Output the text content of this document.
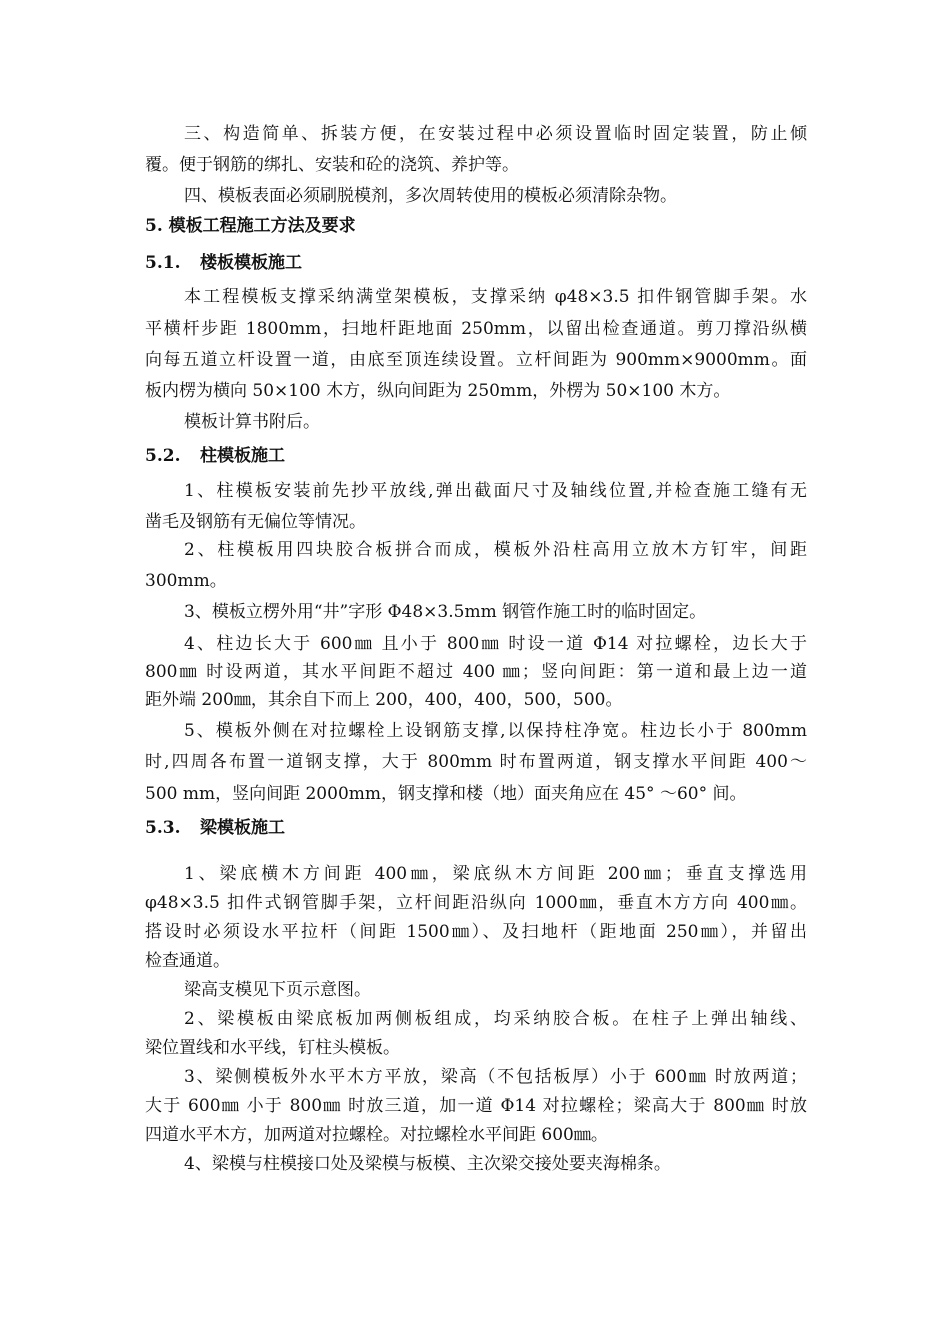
三、构造简单、拆装方便，在安装过程中必须设置临时固定装置，防止倾
覆。便于钢筋的绑扎、安装和砼的浇筑、养护等。
四、模板表面必须刷脱模剂，多次周转使用的模板必须清除杂物。
5. 模板工程施工方法及要求
5.1. 楼板模板施工
本工程模板支撑采纳满堂架模板，支撑采纳 φ48×3.5 扣件钢管脚手架。水
平横杆步距 1800mm，扫地杆距地面 250mm，以留出检查通道。剪刀撑沿纵横
向每五道立杆设置一道，由底至顶连续设置。立杆间距为 900mm×9000mm。面
板内楞为横向 50×100 木方，纵向间距为 250mm，外楞为 50×100 木方。
模板计算书附后。
5.2. 柱模板施工
1、柱模板安装前先抄平放线,弹出截面尺寸及轴线位置,并检查施工缝有无
凿毛及钢筋有无偏位等情况。
2、柱模板用四块胶合板拼合而成，模板外沿柱高用立放木方钉牢，间距
300mm。
3、模板立楞外用“井”字形 Φ48×3.5mm 钢管作施工时的临时固定。
4、柱边长大于 600㎜ 且小于 800㎜ 时设一道 Φ14 对拉螺栓，边长大于
800㎜ 时设两道，其水平间距不超过 400 ㎜；竖向间距：第一道和最上边一道
距外端 200㎜，其余自下而上 200，400，400，500，500。
5、模板外侧在对拉螺栓上设钢筋支撑,以保持柱净宽。柱边长小于 800mm
时,四周各布置一道钢支撑，大于 800mm 时布置两道，钢支撑水平间距 400～
500 mm，竖向间距 2000mm，钢支撑和楼（地）面夹角应在 45° ～60° 间。
5.3. 梁模板施工
1、梁底横木方间距 400㎜，梁底纵木方间距 200㎜；垂直支撑选用
φ48×3.5 扣件式钢管脚手架，立杆间距沿纵向 1000㎜，垂直木方方向 400㎜。
搭设时必须设水平拉杆（间距 1500㎜）、及扫地杆（距地面 250㎜），并留出
检查通道。
梁高支模见下页示意图。
2、梁模板由梁底板加两侧板组成，均采纳胶合板。在柱子上弹出轴线、
梁位置线和水平线，钉柱头模板。
3、梁侧模板外水平木方平放，梁高（不包括板厚）小于 600㎜ 时放两道；
大于 600㎜ 小于 800㎜ 时放三道，加一道 Φ14 对拉螺栓；梁高大于 800㎜ 时放
四道水平木方，加两道对拉螺栓。对拉螺栓水平间距 600㎜。
4、梁模与柱模接口处及梁模与板模、主次梁交接处要夹海棉条。
